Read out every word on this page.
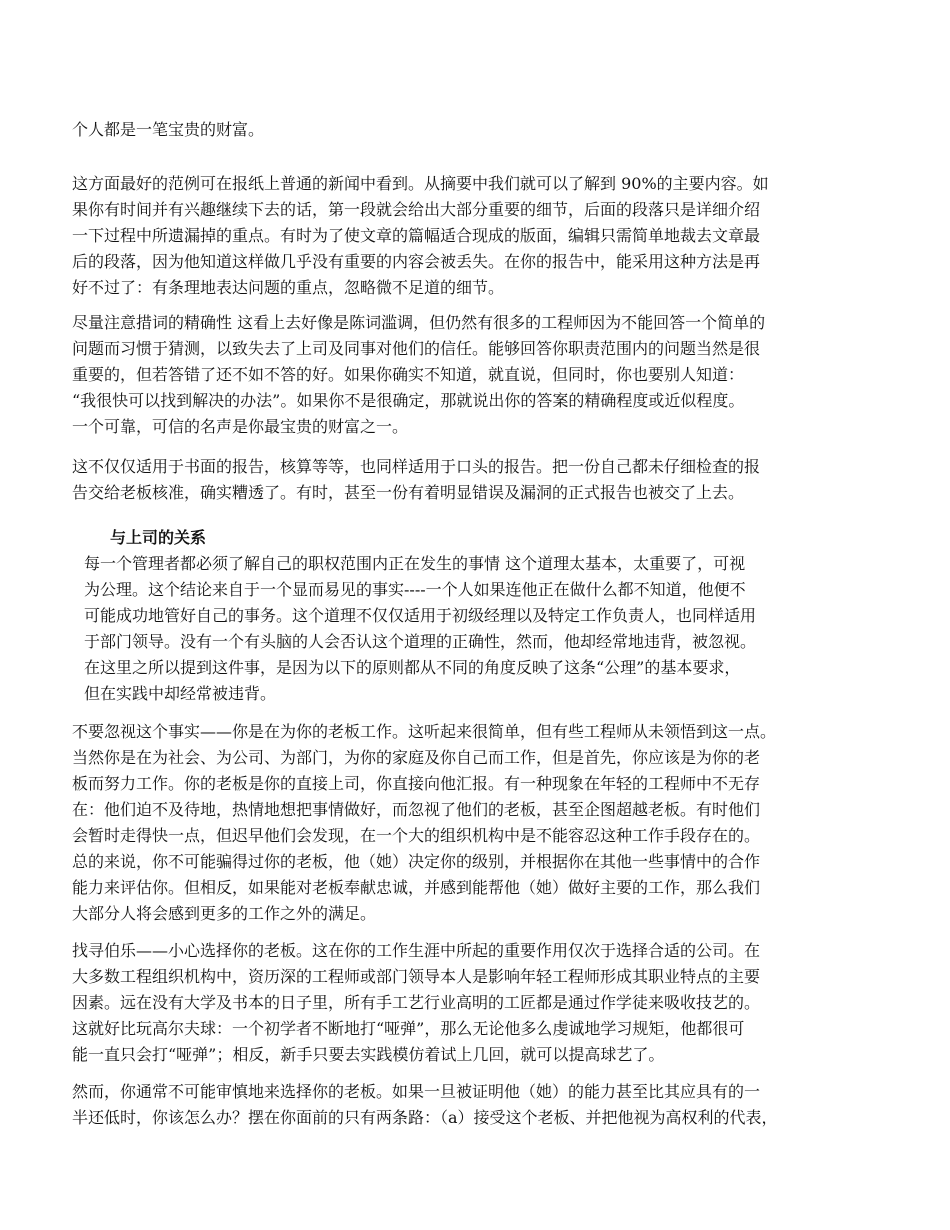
个人都是一笔宝贵的财富。
这方面最好的范例可在报纸上普通的新闻中看到。从摘要中我们就可以了解到 90%的主要内容。如
果你有时间并有兴趣继续下去的话，第一段就会给出大部分重要的细节，后面的段落只是详细介绍
一下过程中所遗漏掉的重点。有时为了使文章的篇幅适合现成的版面，编辑只需简单地裁去文章最
后的段落，因为他知道这样做几乎没有重要的内容会被丢失。在你的报告中，能采用这种方法是再
好不过了：有条理地表达问题的重点，忽略微不足道的细节。
尽量注意措词的精确性 这看上去好像是陈词滥调，但仍然有很多的工程师因为不能回答一个简单的
问题而习惯于猜测，以致失去了上司及同事对他们的信任。能够回答你职责范围内的问题当然是很
重要的，但若答错了还不如不答的好。如果你确实不知道，就直说，但同时，你也要别人知道：
“我很快可以找到解决的办法”。如果你不是很确定，那就说出你的答案的精确程度或近似程度。
一个可靠，可信的名声是你最宝贵的财富之一。
这不仅仅适用于书面的报告，核算等等，也同样适用于口头的报告。把一份自己都未仔细检查的报
告交给老板核准，确实糟透了。有时，甚至一份有着明显错误及漏洞的正式报告也被交了上去。
与上司的关系
每一个管理者都必须了解自己的职权范围内正在发生的事情 这个道理太基本，太重要了，可视
为公理。这个结论来自于一个显而易见的事实----一个人如果连他正在做什么都不知道，他便不
可能成功地管好自己的事务。这个道理不仅仅适用于初级经理以及特定工作负责人，也同样适用
于部门领导。没有一个有头脑的人会否认这个道理的正确性，然而，他却经常地违背，被忽视。
在这里之所以提到这件事，是因为以下的原则都从不同的角度反映了这条“公理”的基本要求，
但在实践中却经常被违背。
不要忽视这个事实——你是在为你的老板工作。这听起来很简单，但有些工程师从未领悟到这一点。
当然你是在为社会、为公司、为部门，为你的家庭及你自己而工作，但是首先，你应该是为你的老
板而努力工作。你的老板是你的直接上司，你直接向他汇报。有一种现象在年轻的工程师中不无存
在：他们迫不及待地，热情地想把事情做好，而忽视了他们的老板，甚至企图超越老板。有时他们
会暂时走得快一点，但迟早他们会发现，在一个大的组织机构中是不能容忍这种工作手段存在的。
总的来说，你不可能骗得过你的老板，他（她）决定你的级别，并根据你在其他一些事情中的合作
能力来评估你。但相反，如果能对老板奉献忠诚，并感到能帮他（她）做好主要的工作，那么我们
大部分人将会感到更多的工作之外的满足。
找寻伯乐——小心选择你的老板。这在你的工作生涯中所起的重要作用仅次于选择合适的公司。在
大多数工程组织机构中，资历深的工程师或部门领导本人是影响年轻工程师形成其职业特点的主要
因素。远在没有大学及书本的日子里，所有手工艺行业高明的工匠都是通过作学徒来吸收技艺的。
这就好比玩高尔夫球：一个初学者不断地打“哑弹”，那么无论他多么虔诚地学习规矩，他都很可
能一直只会打“哑弹”；相反，新手只要去实践模仿着试上几回，就可以提高球艺了。
然而，你通常不可能审慎地来选择你的老板。如果一旦被证明他（她）的能力甚至比其应具有的一
半还低时，你该怎么办？摆在你面前的只有两条路：（a）接受这个老板、并把他视为高权利的代表，
